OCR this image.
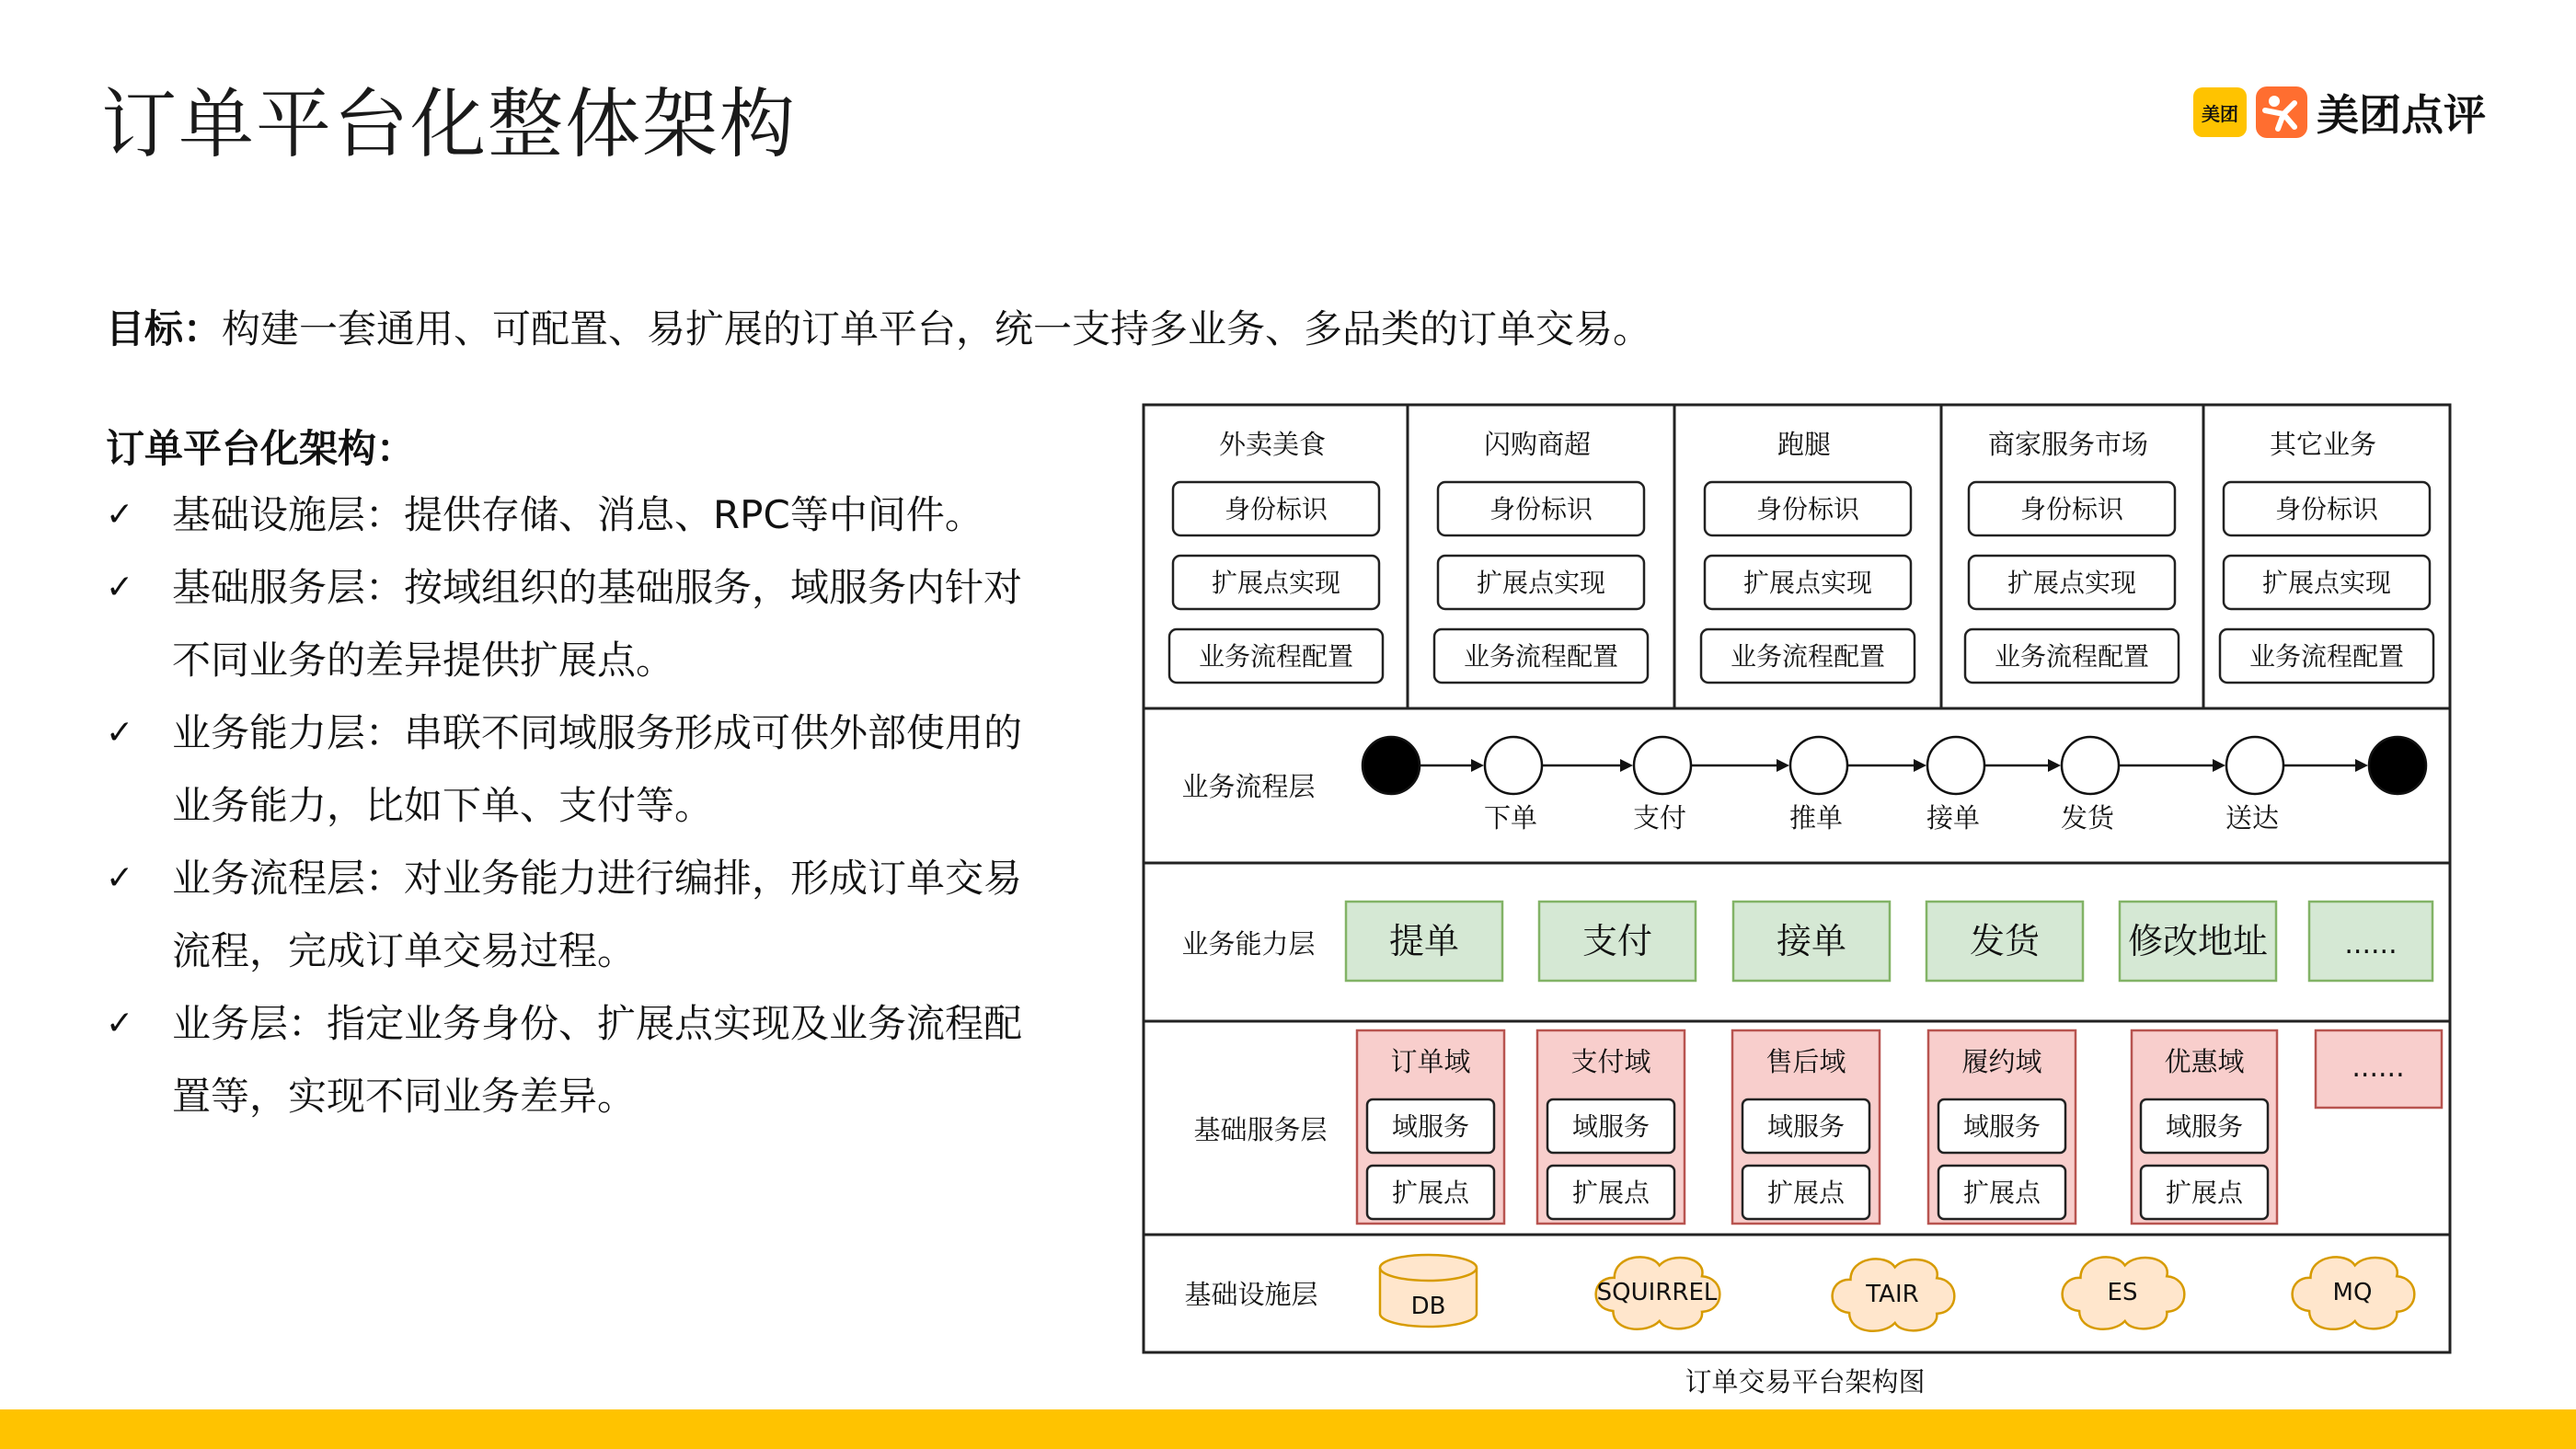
订单平台化整体架构	美团 美团点评
目标：构建一套通用、可配置、易扩展的订单平台，统一支持多业务、多品类的订单交易。
订单平台化架构：
✓ 基础设施层：提供存储、消息、RPC等中间件。
✓ 基础服务层：按域组织的基础服务，域服务内针对不同业务的差异提供扩展点。
✓ 业务能力层：串联不同域服务形成可供外部使用的业务能力，比如下单、支付等。
✓ 业务流程层：对业务能力进行编排，形成订单交易流程，完成订单交易过程。
✓ 业务层：指定业务身份、扩展点实现及业务流程配置等，实现不同业务差异。
外卖美食
身份标识
扩展点实现
业务流程配置
闪购商超
身份标识
扩展点实现
业务流程配置
跑腿
身份标识
扩展点实现
业务流程配置
商家服务市场
身份标识
扩展点实现
业务流程配置
其它业务
身份标识
扩展点实现
业务流程配置
业务流程层
下单	支付	推单	接单	发货	送达
业务能力层 提单	支付	接单	发货	修改地址	......
基础服务层
订单域
域服务
扩展点
支付域
域服务
扩展点
售后域
域服务
扩展点
履约域
域服务
扩展点
优惠域
域服务
扩展点
......
基础设施层	DB	SQUIRREL	TAIR	ES	MQ
订单交易平台架构图
